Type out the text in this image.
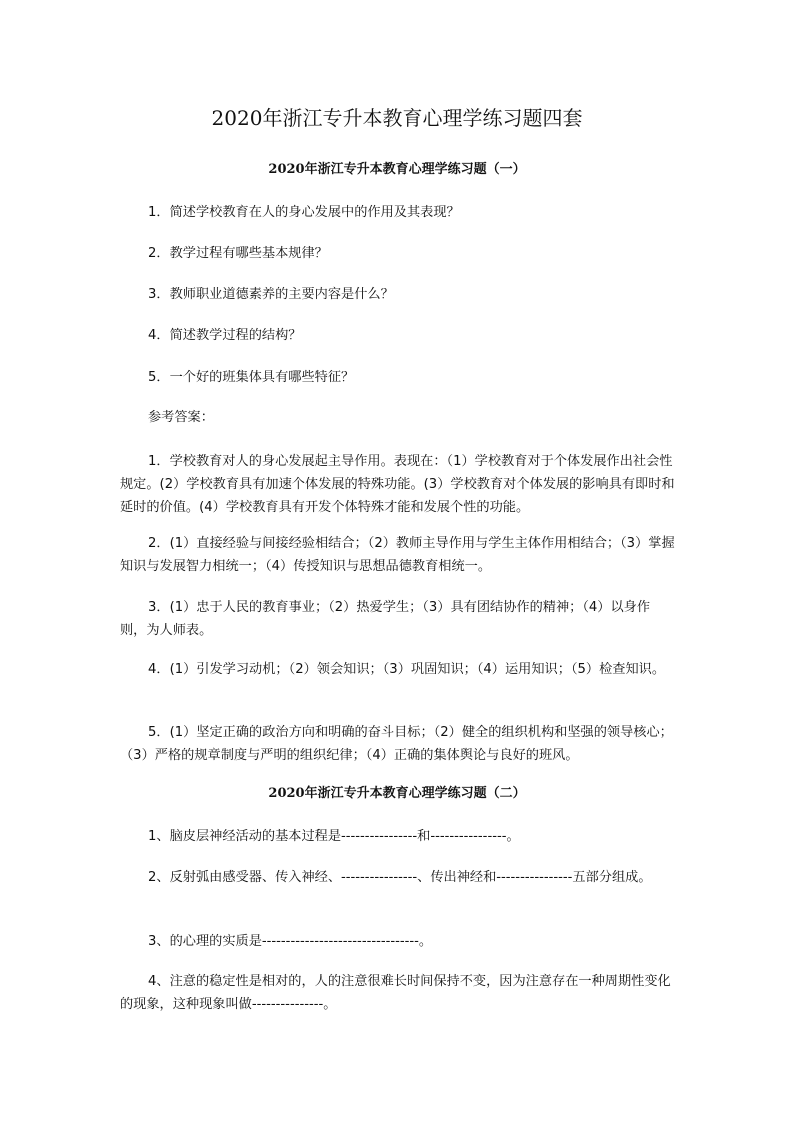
2020年浙江专升本教育心理学练习题四套
2020年浙江专升本教育心理学练习题（一）
1．简述学校教育在人的身心发展中的作用及其表现？
2．教学过程有哪些基本规律？
3．教师职业道德素养的主要内容是什么？
4．简述教学过程的结构？
5．一个好的班集体具有哪些特征？
参考答案：
1．学校教育对人的身心发展起主导作用。表现在：（1）学校教育对于个体发展作出社会性规定。(2）学校教育具有加速个体发展的特殊功能。(3）学校教育对个体发展的影响具有即时和延时的价值。(4）学校教育具有开发个体特殊才能和发展个性的功能。
2．(1）直接经验与间接经验相结合；（2）教师主导作用与学生主体作用相结合；（3）掌握知识与发展智力相统一；（4）传授知识与思想品德教育相统一。
3．(1）忠于人民的教育事业；（2）热爱学生；（3）具有团结协作的精神；（4）以身作则，为人师表。
4．(1）引发学习动机；（2）领会知识；（3）巩固知识；（4）运用知识；（5）检查知识。
5．(1）坚定正确的政治方向和明确的奋斗目标；（2）健全的组织机构和坚强的领导核心；（3）严格的规章制度与严明的组织纪律；（4）正确的集体舆论与良好的班风。
2020年浙江专升本教育心理学练习题（二）
1、脑皮层神经活动的基本过程是----------------和----------------。
2、反射弧由感受器、传入神经、----------------、传出神经和----------------五部分组成。
3、的心理的实质是---------------------------------。
4、注意的稳定性是相对的，人的注意很难长时间保持不变，因为注意存在一种周期性变化的现象，这种现象叫做---------------。
